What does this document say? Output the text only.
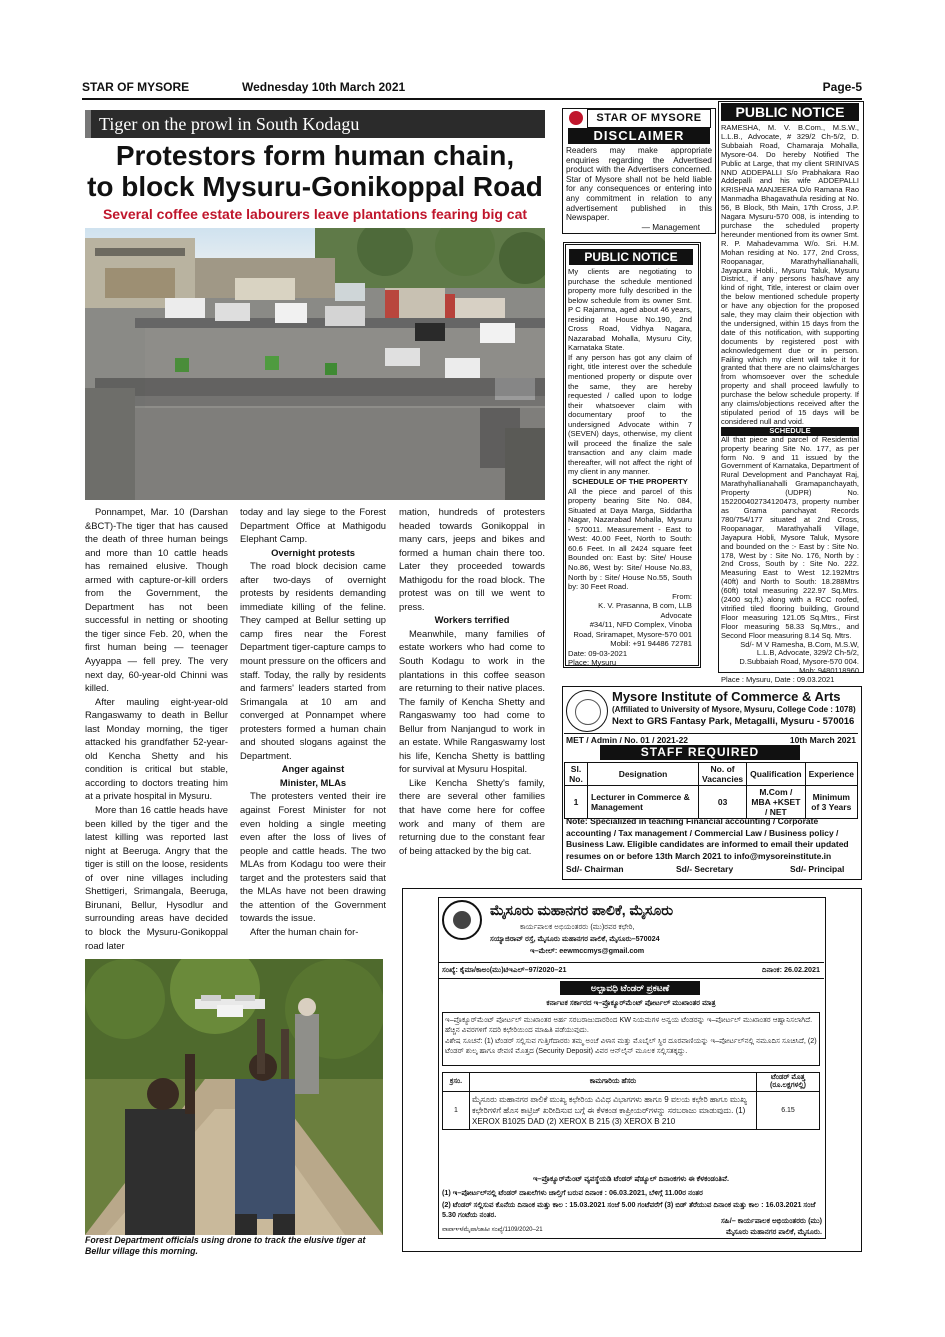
STAR OF MYSORE	Wednesday 10th March 2021	Page-5
Tiger on the prowl in South Kodagu
Protestors form human chain,
to block Mysuru-Gonikoppal Road
Several coffee estate labourers leave plantations fearing big cat

Ponnampet, Mar. 10 (Darshan &BCT)-The tiger that has caused the death of three human beings and more than 10 cattle heads has remained elusive. Though armed with capture-or-kill orders from the Government, the Department has not been successful in netting or shooting the tiger since Feb. 20, when the first human being — teenager Ayyappa — fell prey. The very next day, 60-year-old Chinni was killed.

After mauling eight-year-old Rangaswamy to death in Bellur last Monday morning, the tiger attacked his grandfather 52-year-old Kencha Shetty and his condition is critical but stable, according to doctors treating him at a private hospital in Mysuru.

More than 16 cattle heads have been killed by the tiger and the latest killing was reported last night at Beeruga. Angry that the tiger is still on the loose, residents of over nine villages including Shettigeri, Srimangala, Beeruga, Birunani, Bellur, Hysodlur and surrounding areas have decided to block the Mysuru-Gonikoppal road later

today and lay siege to the Forest Department Office at Mathigodu Elephant Camp.

Overnight protests

The road block decision came after two-days of overnight protests by residents demanding immediate killing of the feline. They camped at Bellur setting up camp fires near the Forest Department tiger-capture camps to mount pressure on the officers and staff. Today, the rally by residents and farmers' leaders started from Srimangala at 10 am and converged at Ponnampet where protesters formed a human chain and shouted slogans against the Department.

Anger against

Minister, MLAs

The protesters vented their ire against Forest Minister for not even holding a single meeting even after the loss of lives of people and cattle heads. The two MLAs from Kodagu too were their target and the protesters said that the MLAs have not been drawing the attention of the Government towards the issue.

After the human chain for-

mation, hundreds of protesters headed towards Gonikoppal in many cars, jeeps and bikes and formed a human chain there too. Later they proceeded towards Mathigodu for the road block. The protest was on till we went to press.

Workers terrified

Meanwhile, many families of estate workers who had come to South Kodagu to work in the plantations in this coffee season are returning to their native places. The family of Kencha Shetty and Rangaswamy too had come to Bellur from Nanjangud to work in an estate. While Rangaswamy lost his life, Kencha Shetty is battling for survival at Mysuru Hospital.

Like Kencha Shetty's family, there are several other families that have come here for coffee work and many of them are returning due to the constant fear of being attacked by the big cat.

Forest Department officials using drone to track the elusive tiger at Bellur village this morning.
STAR OF MYSORE
DISCLAIMER
Readers may make appropriate enquiries regarding the Advertised product with the Advertisers concerned. Star of Mysore shall not be held liable for any consequences or entering into any commitment in relation to any advertisement published in this Newspaper.
— Management
PUBLIC NOTICE

My clients are negotiating to purchase the schedule mentioned property more fully described in the below schedule from its owner Smt. P C Rajamma, aged about 46 years, residing at House No.190, 2nd Cross Road, Vidhya Nagara, Nazarabad Mohalla, Mysuru City, Karnataka State.

If any person has got any claim of right, title interest over the schedule mentioned property or dispute over the same, they are hereby requested / called upon to lodge their whatsoever claim with documentary proof to the undersigned Advocate within 7 (SEVEN) days, otherwise, my client will proceed the finalize the sale transaction and any claim made thereafter, will not affect the right of my client in any manner.

SCHEDULE OF THE PROPERTY

All the piece and parcel of this property bearing Site No. 084, Situated at Daya Marga, Siddartha Nagar, Nazarabad Mohalla, Mysuru - 570011. Measurement - East to West: 40.00 Feet, North to South: 60.6 Feet. In all 2424 square feet Bounded on: East by: Site/ House No.86, West by: Site/ House No.83, North by : Site/ House No.55, South by: 30 Feet Road.

From:

K. V. Prasanna, B com, LLB

Advocate

#34/11, NFD Complex, Vinoba Road, Sriramapet, Mysore-570 001

Mobil: +91 94486 72781

Date: 09-03-2021

Place: Mysuru

PUBLIC NOTICE

RAMESHA, M. V. B.Com., M.S.W., L.L.B., Advocate, # 329/2 Ch-5/2, D. Subbaiah Road, Chamaraja Mohalla, Mysore-04. Do hereby Notified The Public at Large, that my client SRINIVAS NND ADDEPALLI S/o Prabhakara Rao Addepalli and his wife ADDEPALLI KRISHNA MANJEERA D/o Ramana Rao Manmadha Bhagavathula residing at No. 56, B Block, 5th Main, 17th Cross, J.P. Nagara Mysuru-570 008, is intending to purchase the scheduled property hereunder mentioned from its owner Smt. R. P. Mahadevamma W/o. Sri. H.M. Mohan residing at No. 177, 2nd Cross, Roopanagar, Marathyhallianahalli, Jayapura Hobli., Mysuru Taluk, Mysuru District., if any persons has/have any kind of right, Title, interest or claim over the below mentioned schedule property or have any objection for the proposed sale, they may claim their objection with the undersigned, within 15 days from the date of this notification, with supporting documents by registered post with acknowledgement due or in person. Failing which my client will take it for granted that there are no claims/charges from whomsoever over the schedule property and shall proceed lawfully to purchase the below schedule property. If any claims/objections received after the stipulated period of 15 days will be considered null and void.

SCHEDULE

All that piece and parcel of Residential property bearing Site No. 177, as per form No. 9 and 11 issued by the Government of Karnataka, Department of Rural Development and Panchayat Raj, Marathyhallianahalli Gramapanchayath, Property (UDPR) No. 152200402734120473, property number as Grama panchayat Records 780/754/177 situated at 2nd Cross, Roopanagar, Marathyahalli Village, Jayapura Hobli, Mysore Taluk, Mysore and bounded on the :- East by : Site No. 178, West by : Site No. 176, North by : 2nd Cross, South by : Site No. 222. Measuring East to West 12.192Mtrs (40ft) and North to South: 18.288Mtrs (60ft) total measuring 222.97 Sq.Mtrs. (2400 sq.ft.) along with a RCC roofed, vitrified tiled flooring building, Ground Floor measuring 121.05 Sq.Mtrs., First Floor measuring 58.33 Sq.Mtrs., and Second Floor measuring 8.14 Sq. Mtrs.

Sd/- M V Ramesha, B.Com, M.S.W, L.L.B, Advocate, 329/2 Ch-5/2, D.Subbaiah Road, Mysore-570 004. Mob: 9480118960

Place : Mysuru, Date : 09.03.2021

Mysore Institute of Commerce & Arts
(Affiliated to University of Mysore, Mysuru, College Code : 1078)
Next to GRS Fantasy Park, Metagalli, Mysuru - 570016
MET / Admin / No. 01 / 2021-22	10th March 2021
STAFF REQUIRED
Sl. No.	Designation	No. of Vacancies	Qualification	Experience
1	Lecturer in Commerce & Management	03	M.Com / MBA +KSET / NET	Minimum of 3 Years
Note: Specialized in teaching Financial accounting / Corporate accounting / Tax management / Commercial Law / Business policy / Business Law. Eligible candidates are informed to email their updated resumes on or before 13th March 2021 to info@mysoreinstitute.in
Sd/- Chairman	Sd/- Secretary	Sd/- Principal
ಮೈಸೂರು ಮಹಾನಗರ ಪಾಲಿಕೆ, ಮೈಸೂರು
ಕಾರ್ಯಪಾಲಕ ಅಭಿಯಂತರರು (ಮು)ರವರ ಕಛೇರಿ,
ಸಯ್ಯಾಜಿರಾವ್ ರಸ್ತೆ, ಮೈಸೂರು ಮಹಾನಗರ ಪಾಲಿಕೆ, ಮೈಸೂರು–570024
ಇ–ಮೇಲ್: eewmccmys@gmail.com
ಸಂಖ್ಯೆ: ಕೈಮಾ/ಕಾಅಂ(ಮು)ಟಿಇಎಲ್–97/2020–21	ದಿನಾಂಕ: 26.02.2021
ಅಲ್ಪಾವಧಿ ಟೆಂಡರ್ ಪ್ರಕಟಣೆ
ಕರ್ನಾಟಕ ಸರ್ಕಾರದ ಇ–ಪ್ರೊಕ್ಯೂರ್‌ಮೆಂಟ್ ಪೋರ್ಟಲ್ ಮುಖಾಂತರ ಮಾತ್ರ
ಇ–ಪ್ರೊಕ್ಯೂರ್‌ಮೆಂಟ್ ಪೋರ್ಟಲ್ ಮುಖಾಂತರ ಅರ್ಹ ಸರಬರಾಜುದಾರರಿಂದ KW ನಿಯಮಗಳ ಅನ್ವಯ ಟೆಂಡರನ್ನು ಇ–ಪೋರ್ಟಲ್ ಮುಖಾಂತರ ಆಹ್ವಾನಿಸಲಾಗಿದೆ. ಹೆಚ್ಚಿನ ವಿವರಗಳಿಗೆ ಸದರಿ ಕಛೇರಿಯಿಂದ ಮಾಹಿತಿ ಪಡೆಯುವುದು.
ವಿಶೇಷ ಸೂಚನೆ: (1) ಟೆಂಡರ್ ಸಲ್ಲಿಸುವ ಗುತ್ತಿಗೆದಾರರು ತಮ್ಮ ಅಂಚೆ ವಿಳಾಸ ಮತ್ತು ಮೊಬೈಲ್ ಸ್ಥಿರ ದೂರವಾಣಿಯನ್ನು ಇ–ಪೋರ್ಟಲ್‌ನಲ್ಲಿ ನಮೂದಿಸ ಸೂಚಿಸಿದೆ, (2) ಟೆಂಡರ್ ಶುಲ್ಕ ಹಾಗೂ ಠೇವಣಿ ಮೊತ್ತದ (Security Deposit) ವಿವರ ಆನ್‌ಲೈನ್ ಮೂಲಕ ಸಲ್ಲಿಸತಕ್ಕದ್ದು.
ಕ್ರಸಂ.	ಕಾಮಗಾರಿಯ ಹೆಸರು	ಟೆಂಡರ್ ಮೊತ್ತ (ರೂ.ಲಕ್ಷಗಳಲ್ಲಿ)
1	ಮೈಸೂರು ಮಹಾನಗರ ಪಾಲಿಕೆ ಮುಖ್ಯ ಕಛೇರಿಯ ವಿವಿಧ ವಿಭಾಗಗಳು ಹಾಗೂ 9 ವಲಯ ಕಛೇರಿ ಹಾಗೂ ಮುಖ್ಯ ಕಛೇರಿಗಳಿಗೆ ಹೊಸ ಕಾಟ್ರಿಜ್ ಖರೀದಿಸುವ ಬಗ್ಗೆ ಈ ಕೆಳಕಂಡ ಕಾಪ್ರೀಯರ್‌ಗಳನ್ನು ಸರಬರಾಜು ಮಾಡುವುದು. (1) XEROX B1025 DAD (2) XEROX B 215 (3) XEROX B 210	6.15
ಇ–ಪ್ರೊಕ್ಯೂರ್‌ಮೆಂಟ್ ವ್ಯವಸ್ಥೆಯಡಿ ಟೆಂಡರ್ ಷೆಡ್ಯೂಲ್ ದಿನಾಂಕಗಳು ಈ ಕೆಳಕಂಡಂತಿವೆ.
(1) ಇ–ಪೋರ್ಟಲ್‌ನಲ್ಲಿ ಟೆಂಡರ್ ದಾಖಲೆಗಳು ಚಾಲ್ತಿಗೆ ಬರುವ ದಿನಾಂಕ : 06.03.2021, ಬೆಳಿಗ್ಗೆ 11.00ರ ನಂತರ
(2) ಟೆಂಡರ್ ಸಲ್ಲಿಸುವ ಕೊನೆಯ ದಿನಾಂಕ ಮತ್ತು ಕಾಲ : 15.03.2021 ಸಂಜೆ 5.00 ಗಂಟೆವರೆಗೆ (3) ಬಿಡ್ ತೆರೆಯುವ ದಿನಾಂಕ ಮತ್ತು ಕಾಲ : 16.03.2021 ಸಂಜೆ 5.30 ಗಂಟೆಯ ನಂತರ.
ಸಹಿ/– ಕಾರ್ಯಪಾಲಕ ಅಭಿಯಂತರರು (ಮು)
ಮೈಸೂರು ಮಹಾನಗರ ಪಾಲಿಕೆ, ಮೈಸೂರು.
ವಾಪಾಇಇ/ಮೈಪಾ/ಜಾಹೀ ಸಂಖ್ಯೆ/1109/2020–21
